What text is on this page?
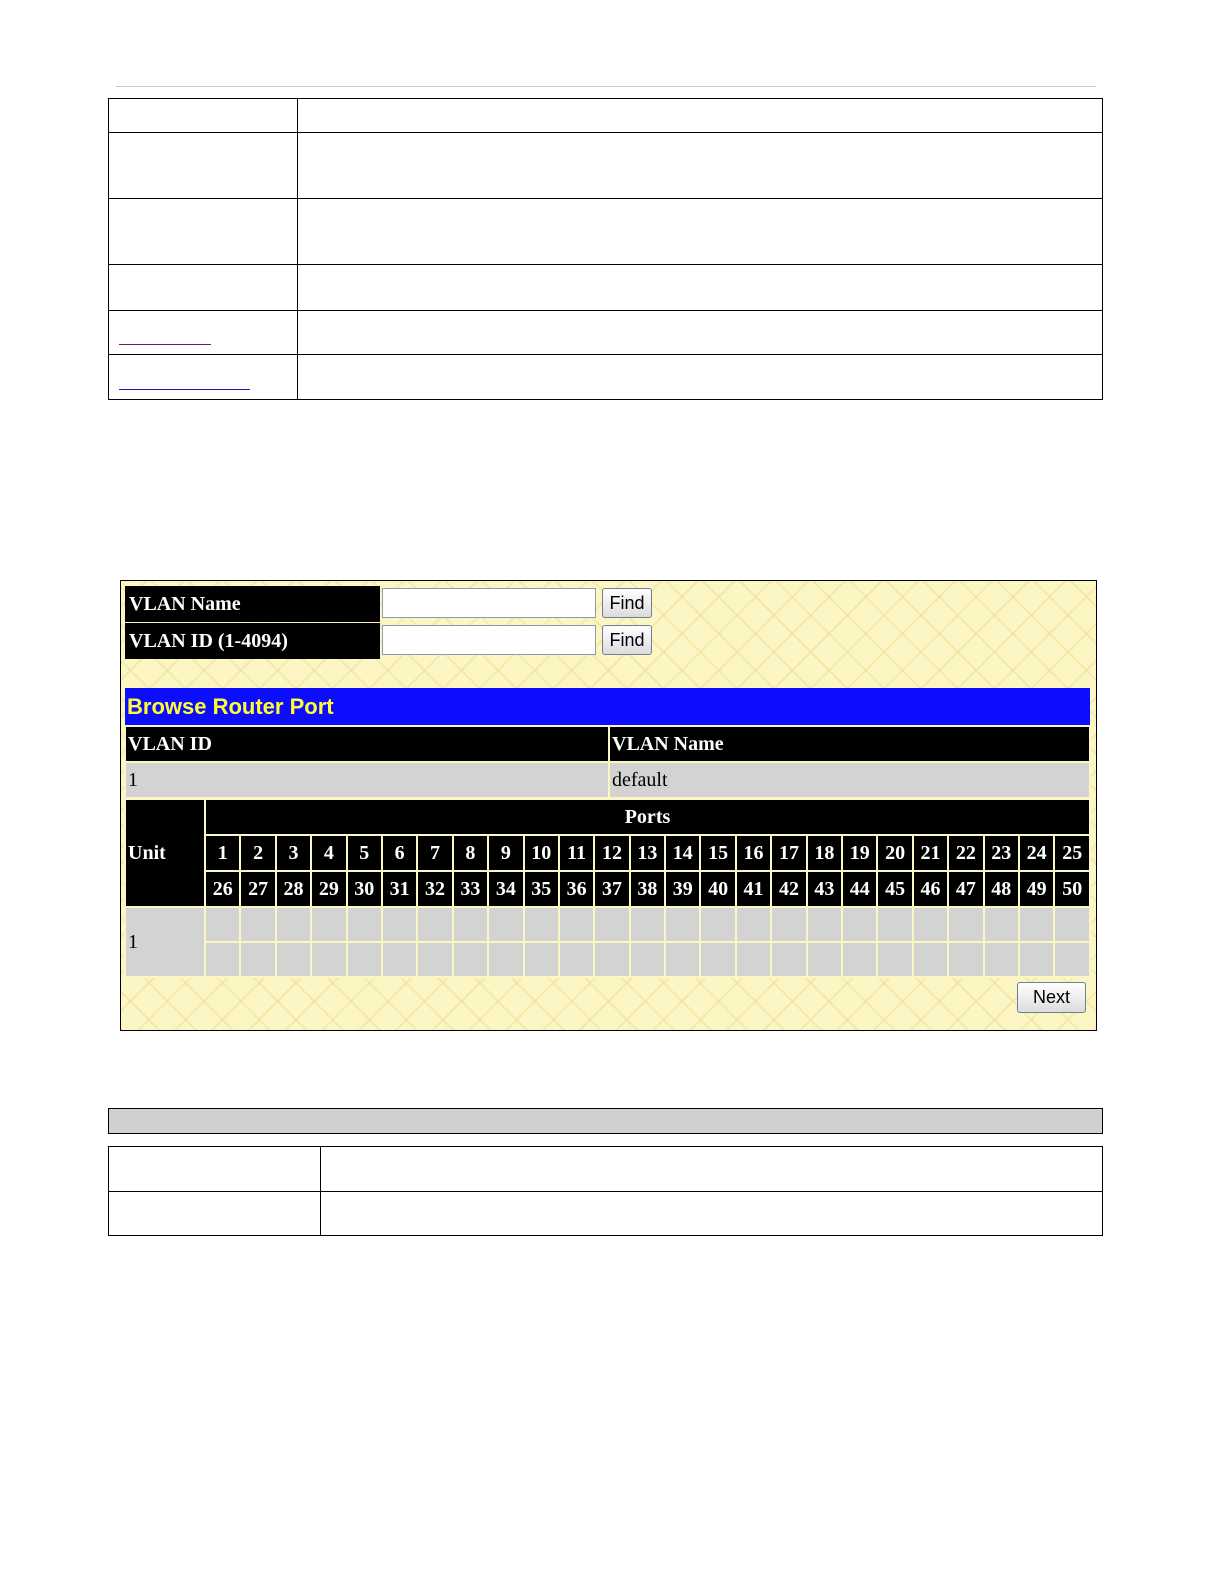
VLAN Name	Find
VLAN ID (1-4094)	Find
Browse Router Port
VLAN ID	VLAN Name
1	default
Unit	Ports																								
	1	2	3	4	5	6	7	8	9	10	11	12	13	14	15	16	17	18	19	20	21	22	23	24	25
	26	27	28	29	30	31	32	33	34	35	36	37	38	39	40	41	42	43	44	45	46	47	48	49	50
1																									

Next
